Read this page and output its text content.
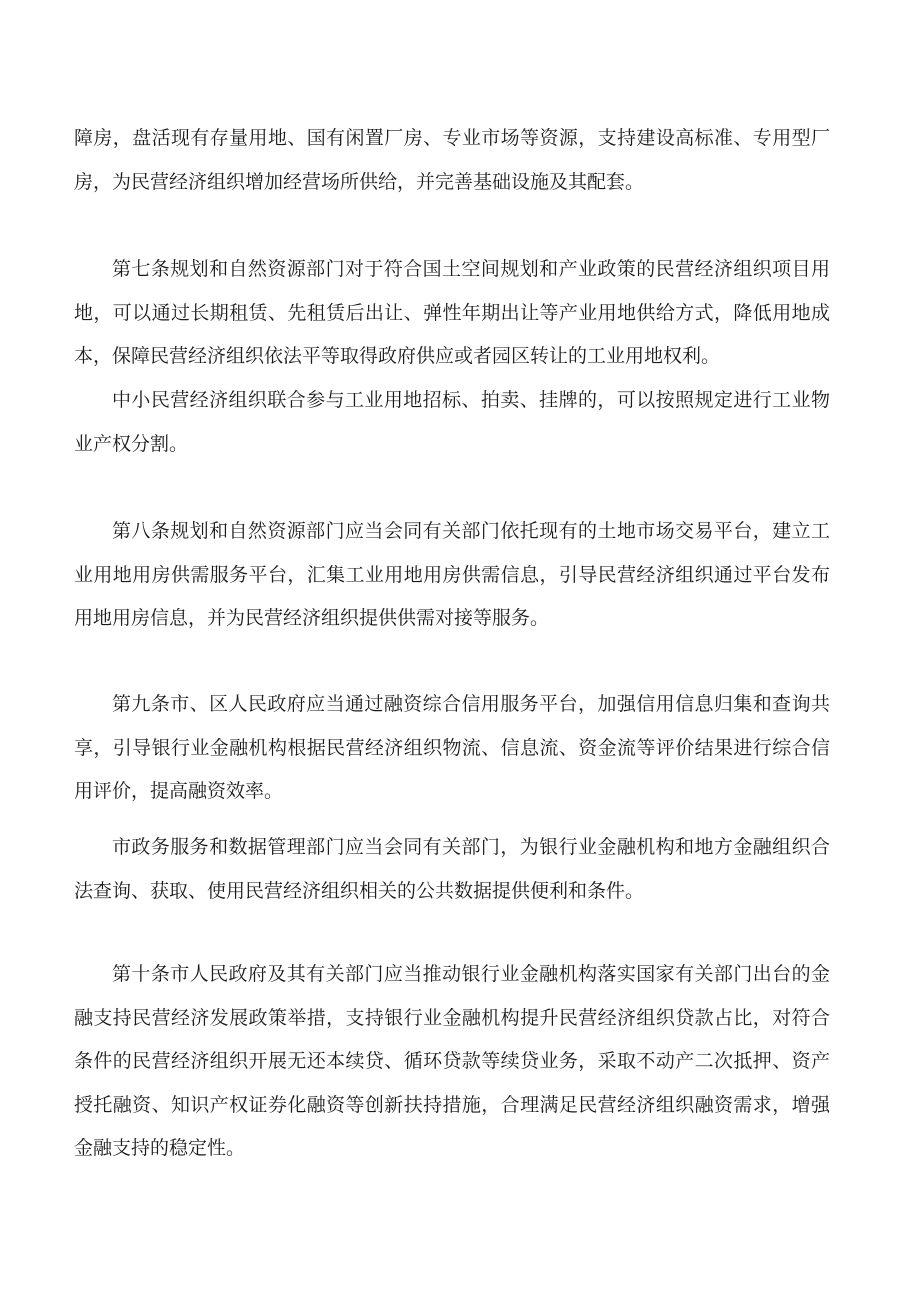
障房，盘活现有存量用地、国有闲置厂房、专业市场等资源，支持建设高标准、专用型厂房，为民营经济组织增加经营场所供给，并完善基础设施及其配套。

第七条规划和自然资源部门对于符合国土空间规划和产业政策的民营经济组织项目用地，可以通过长期租赁、先租赁后出让、弹性年期出让等产业用地供给方式，降低用地成本，保障民营经济组织依法平等取得政府供应或者园区转让的工业用地权利。

中小民营经济组织联合参与工业用地招标、拍卖、挂牌的，可以按照规定进行工业物业产权分割。

第八条规划和自然资源部门应当会同有关部门依托现有的土地市场交易平台，建立工业用地用房供需服务平台，汇集工业用地用房供需信息，引导民营经济组织通过平台发布用地用房信息，并为民营经济组织提供供需对接等服务。

第九条市、区人民政府应当通过融资综合信用服务平台，加强信用信息归集和查询共享，引导银行业金融机构根据民营经济组织物流、信息流、资金流等评价结果进行综合信用评价，提高融资效率。

市政务服务和数据管理部门应当会同有关部门，为银行业金融机构和地方金融组织合法查询、获取、使用民营经济组织相关的公共数据提供便利和条件。

第十条市人民政府及其有关部门应当推动银行业金融机构落实国家有关部门出台的金融支持民营经济发展政策举措，支持银行业金融机构提升民营经济组织贷款占比，对符合条件的民营经济组织开展无还本续贷、循环贷款等续贷业务，采取不动产二次抵押、资产授托融资、知识产权证券化融资等创新扶持措施，合理满足民营经济组织融资需求，增强金融支持的稳定性。
